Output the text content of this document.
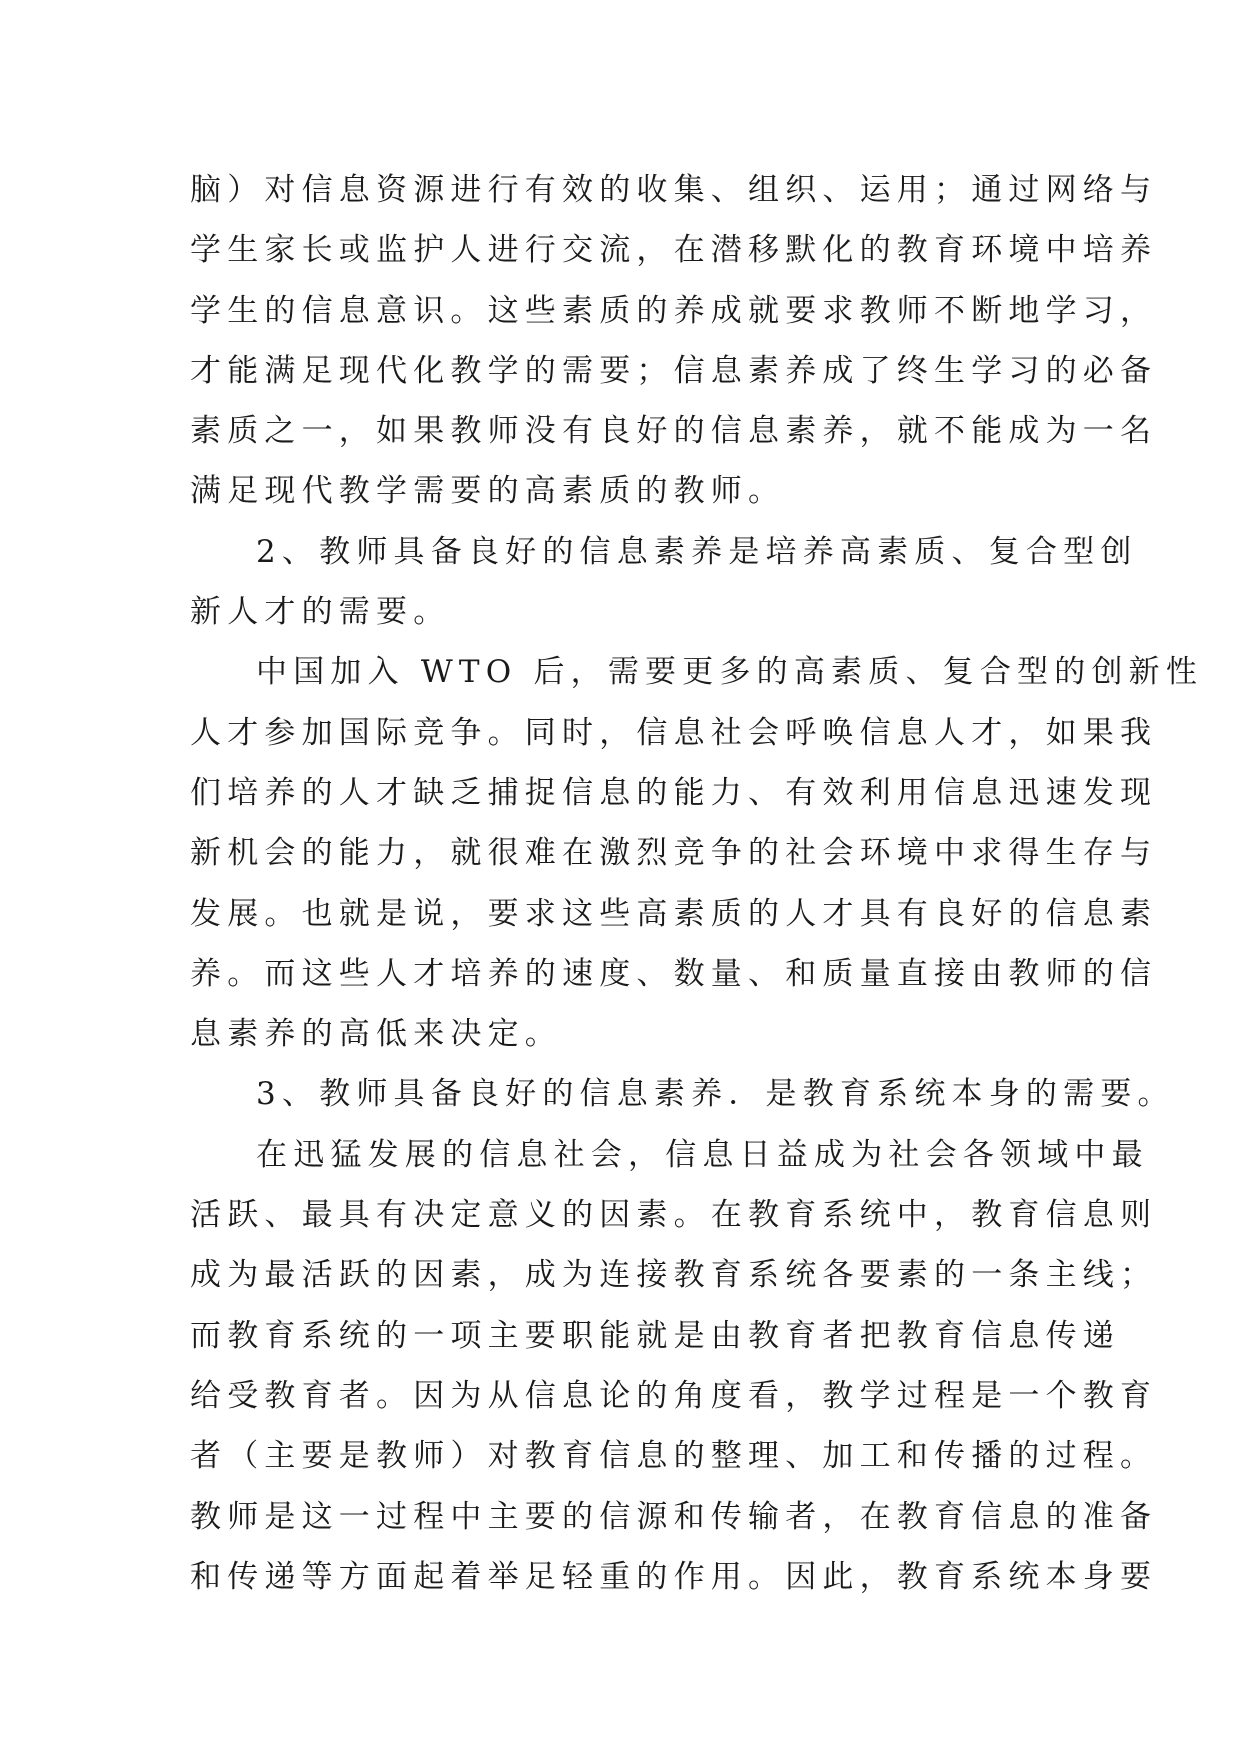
脑）对信息资源进行有效的收集、组织、运用；通过网络与
学生家长或监护人进行交流，在潜移默化的教育环境中培养
学生的信息意识。这些素质的养成就要求教师不断地学习，
才能满足现代化教学的需要；信息素养成了终生学习的必备
素质之一，如果教师没有良好的信息素养，就不能成为一名
满足现代教学需要的高素质的教师。
2、教师具备良好的信息素养是培养高素质、复合型创
新人才的需要。
中国加入 WTO 后，需要更多的高素质、复合型的创新性
人才参加国际竞争。同时，信息社会呼唤信息人才，如果我
们培养的人才缺乏捕捉信息的能力、有效利用信息迅速发现
新机会的能力，就很难在激烈竞争的社会环境中求得生存与
发展。也就是说，要求这些高素质的人才具有良好的信息素
养。而这些人才培养的速度、数量、和质量直接由教师的信
息素养的高低来决定。
3、教师具备良好的信息素养．是教育系统本身的需要。
在迅猛发展的信息社会，信息日益成为社会各领域中最
活跃、最具有决定意义的因素。在教育系统中，教育信息则
成为最活跃的因素，成为连接教育系统各要素的一条主线；
而教育系统的一项主要职能就是由教育者把教育信息传递
给受教育者。因为从信息论的角度看，教学过程是一个教育
者（主要是教师）对教育信息的整理、加工和传播的过程。
教师是这一过程中主要的信源和传输者，在教育信息的准备
和传递等方面起着举足轻重的作用。因此，教育系统本身要
